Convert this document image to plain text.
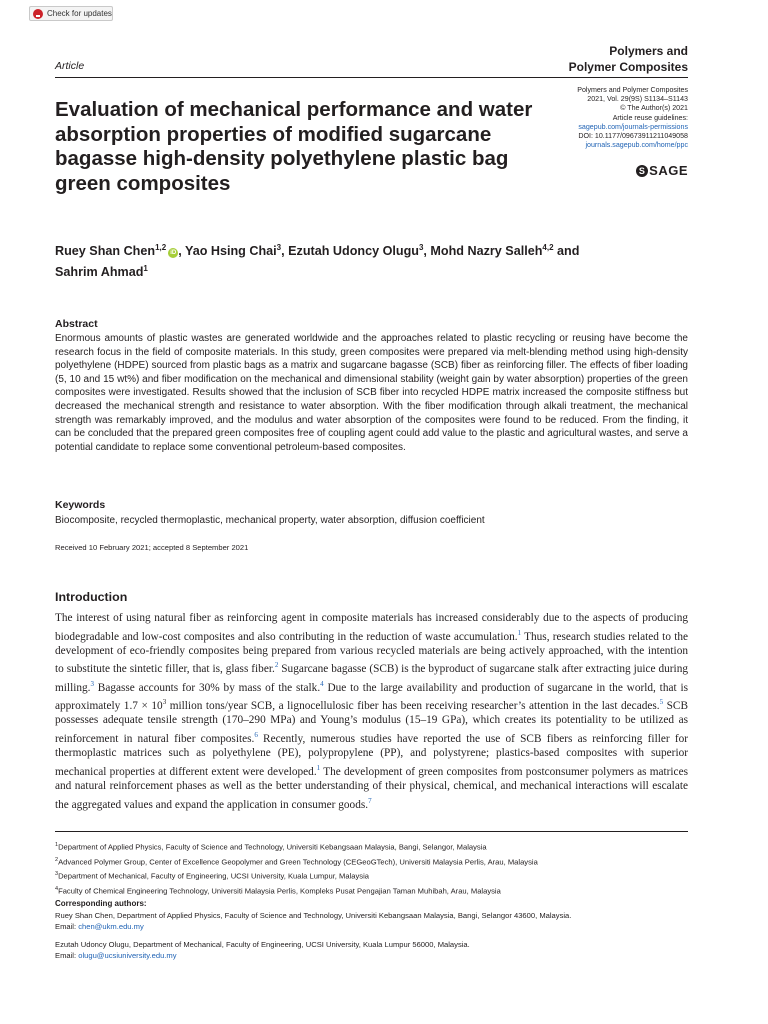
Check for updates
Article
Polymers and
Polymer Composites
Polymers and Polymer Composites
2021, Vol. 29(9S) S1134–S1143
© The Author(s) 2021
Article reuse guidelines:
sagepub.com/journals-permissions
DOI: 10.1177/09673911211049058
journals.sagepub.com/home/ppc
S SAGE
Evaluation of mechanical performance and water absorption properties of modified sugarcane bagasse high-density polyethylene plastic bag green composites
Ruey Shan Chen$^{1,2}$iD , Yao Hsing Chai$^3$, Ezutah Udoncy Olugu$^3$, Mohd Nazry Salleh$^{4,2}$ and
Sahrim Ahmad$^1$
Abstract
Enormous amounts of plastic wastes are generated worldwide and the approaches related to plastic recycling or reusing have become the research focus in the field of composite materials. In this study, green composites were prepared via melt-blending method using high-density polyethylene (HDPE) sourced from plastic bags as a matrix and sugarcane bagasse (SCB) fiber as reinforcing filler. The effects of fiber loading (5, 10 and 15 wt%) and fiber modification on the mechanical and dimensional stability (weight gain by water absorption) properties of the green composites were investigated. Results showed that the inclusion of SCB fiber into recycled HDPE matrix increased the composite stiffness but decreased the mechanical strength and resistance to water absorption. With the fiber modification through alkali treatment, the mechanical strength was remarkably improved, and the modulus and water absorption of the composites were found to be reduced. From the finding, it can be concluded that the prepared green composites free of coupling agent could add value to the plastic and agricultural wastes, and serve a potential candidate to replace some conventional petroleum-based composites.
Keywords
Biocomposite, recycled thermoplastic, mechanical property, water absorption, diffusion coefficient
Received 10 February 2021; accepted 8 September 2021
Introduction
The interest of using natural fiber as reinforcing agent in composite materials has increased considerably due to the aspects of producing biodegradable and low-cost composites and also contributing in the reduction of waste accumulation.$^1$ Thus, research studies related to the development of eco-friendly composites being prepared from various recycled materials are being actively approached, with the intention to substitute the sintetic filler, that is, glass fiber.$^2$ Sugarcane bagasse (SCB) is the byproduct of sugarcane stalk after extracting juice during milling.$^3$ Bagasse accounts for 30% by mass of the stalk.$^4$ Due to the large availability and production of sugarcane in the world, that is approximately $1.7 \times 10^3$ million tons/year SCB, a lignocellulosic fiber has been receiving researcher’s attention in the last decades.$^5$ SCB possesses adequate tensile strength (170–290 MPa) and Young’s modulus (15–19 GPa), which creates its potentiality to be utilized as reinforcement in natural fiber composites.$^6$ Recently, numerous studies have reported the use of SCB fibers as reinforcing filler for thermoplastic matrices such as polyethylene (PE), polypropylene (PP), and polystyrene; plastics-based composites with superior mechanical properties at different extent were developed.$^1$ The development of green composites from postconsumer polymers as matrices and natural reinforcement phases as well as the better understanding of their physical, chemical, and mechanical interactions will escalate the aggregated values and expand the application in consumer goods.$^7$
$^1$Department of Applied Physics, Faculty of Science and Technology, Universiti Kebangsaan Malaysia, Bangi, Selangor, Malaysia
$^2$Advanced Polymer Group, Center of Excellence Geopolymer and Green Technology (CEGeoGTech), Universiti Malaysia Perlis, Arau, Malaysia
$^3$Department of Mechanical, Faculty of Engineering, UCSI University, Kuala Lumpur, Malaysia
$^4$Faculty of Chemical Engineering Technology, Universiti Malaysia Perlis, Kompleks Pusat Pengajian Taman Muhibah, Arau, Malaysia
Corresponding authors:
Ruey Shan Chen, Department of Applied Physics, Faculty of Science and Technology, Universiti Kebangsaan Malaysia, Bangi, Selangor 43600, Malaysia.
Email: chen@ukm.edu.my
Ezutah Udoncy Olugu, Department of Mechanical, Faculty of Engineering, UCSI University, Kuala Lumpur 56000, Malaysia.
Email: olugu@ucsiuniversity.edu.my
